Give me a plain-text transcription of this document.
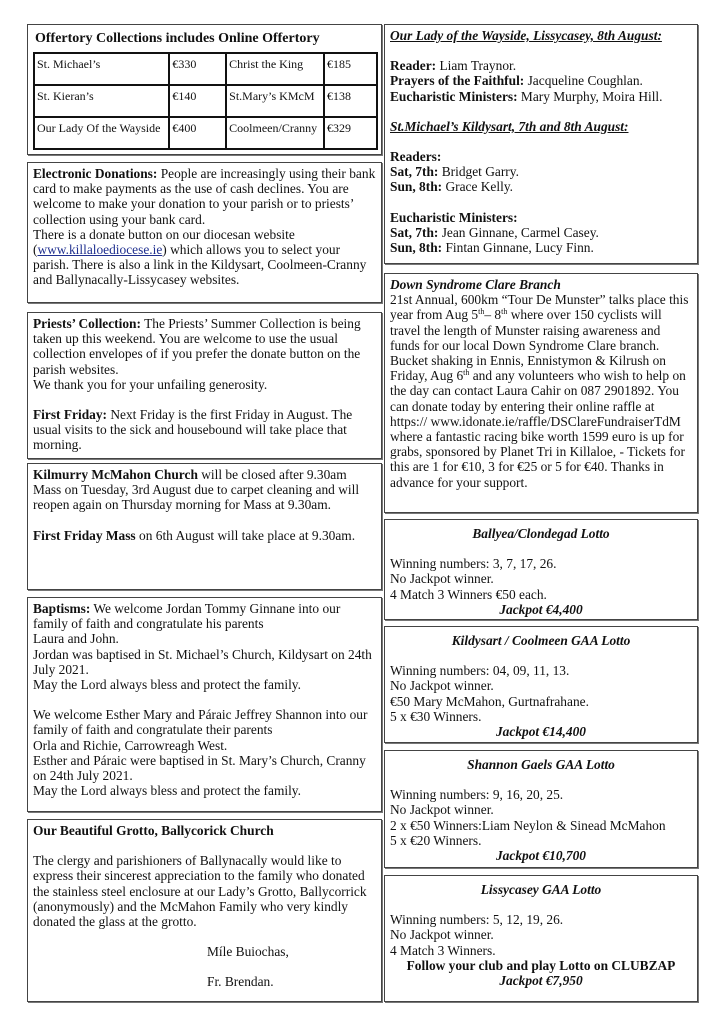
Offertory Collections includes Online Offertory
St. Michael’s	€330	Christ the King	€185
St. Kieran’s	€140	St.Mary’s KMcM	€138
Our Lady Of the Wayside	€400	Coolmeen/Cranny	€329
Electronic Donations: People are increasingly using their bank card to make payments as the use of cash declines. You are welcome to make your donation to your parish or to priests’ collection using your bank card.
There is a donate button on our diocesan website (www.killaloediocese.ie) which allows you to select your parish. There is also a link in the Kildysart, Coolmeen-Cranny and Ballynacally-Lissycasey websites.
Priests’ Collection: The Priests’ Summer Collection is being taken up this weekend. You are welcome to use the usual collection envelopes of if you prefer the donate button on the parish websites.
We thank you for your unfailing generosity.
First Friday: Next Friday is the first Friday in August. The usual visits to the sick and housebound will take place that morning.
Kilmurry McMahon Church will be closed after 9.30am Mass on Tuesday, 3rd August due to carpet cleaning and will reopen again on Thursday morning for Mass at 9.30am.
First Friday Mass on 6th August will take place at 9.30am.
Baptisms: We welcome Jordan Tommy Ginnane into our family of faith and congratulate his parents
Laura and John.
Jordan was baptised in St. Michael’s Church, Kildysart on 24th July 2021.
May the Lord always bless and protect the family.
We welcome Esther Mary and Páraic Jeffrey Shannon into our family of faith and congratulate their parents
Orla and Richie, Carrowreagh West.
Esther and Páraic were baptised in St. Mary’s Church, Cranny on 24th July 2021.
May the Lord always bless and protect the family.
Our Beautiful Grotto, Ballycorick Church
The clergy and parishioners of Ballynacally would like to express their sincerest appreciation to the family who donated the stainless steel enclosure at our Lady’s Grotto, Ballycorrick (anonymously) and the McMahon Family who very kindly donated the glass at the grotto.
Míle Buiochas,
Fr. Brendan.
Our Lady of the Wayside, Lissycasey, 8th August:
Reader: Liam Traynor.
Prayers of the Faithful: Jacqueline Coughlan.
Eucharistic Ministers: Mary Murphy, Moira Hill.
St.Michael’s Kildysart, 7th and 8th August:
Readers:
Sat, 7th: Bridget Garry.
Sun, 8th: Grace Kelly.
Eucharistic Ministers:
Sat, 7th: Jean Ginnane, Carmel Casey.
Sun, 8th: Fintan Ginnane, Lucy Finn.
Down Syndrome Clare Branch
21st Annual, 600km “Tour De Munster” talks place this year from Aug 5th– 8th where over 150 cyclists will travel the length of Munster raising awareness and funds for our local Down Syndrome Clare branch. Bucket shaking in Ennis, Ennistymon & Kilrush on Friday, Aug 6th and any volunteers who wish to help on the day can contact Laura Cahir on 087 2901892. You can donate today by entering their online raffle at https:// www.idonate.ie/raffle/DSClareFundraiserTdM where a fantastic racing bike worth 1599 euro is up for grabs, sponsored by Planet Tri in Killaloe, - Tickets for this are 1 for €10, 3 for €25 or 5 for €40. Thanks in advance for your support.
Ballyea/Clondegad Lotto
Winning numbers: 3, 7, 17, 26.
No Jackpot winner.
4 Match 3 Winners €50 each.
Jackpot €4,400
Kildysart / Coolmeen GAA Lotto
Winning numbers: 04, 09, 11, 13.
No Jackpot winner.
€50 Mary McMahon, Gurtnafrahane.
5 x €30 Winners.
Jackpot €14,400
Shannon Gaels GAA Lotto
Winning numbers: 9, 16, 20, 25.
No Jackpot winner.
2 x €50 Winners:Liam Neylon & Sinead McMahon
5 x €20 Winners.
Jackpot €10,700
Lissycasey GAA Lotto
Winning numbers: 5, 12, 19, 26.
No Jackpot winner.
4 Match 3 Winners.
Follow your club and play Lotto on CLUBZAP
Jackpot €7,950
